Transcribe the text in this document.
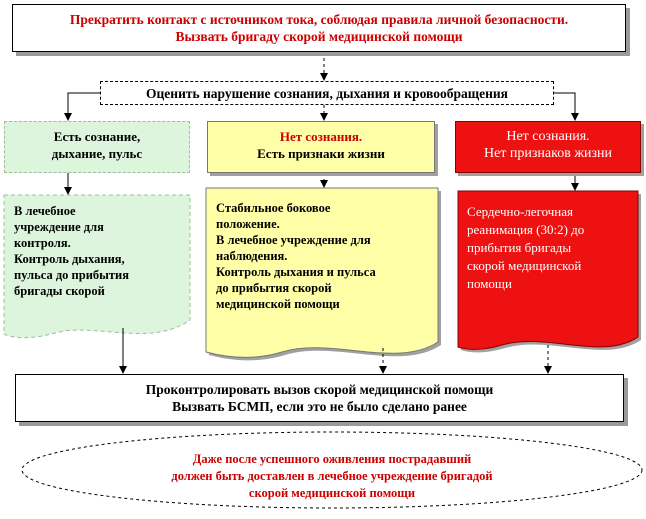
Прекратить контакт с источником тока, соблюдая правила личной безопасности.
Вызвать бригаду скорой медицинской помощи
Оценить нарушение сознания, дыхания и кровообращения
Есть сознание,
дыхание, пульс
Нет сознания.
Есть признаки жизни
Нет сознания.
Нет признаков жизни
В лечебное
учреждение для
контроля.
Контроль дыхания,
пульса до прибытия
бригады скорой
Стабильное боковое
положение.
В лечебное учреждение для
наблюдения.
Контроль дыхания и пульса
до прибытия скорой
медицинской помощи
Сердечно-легочная
реанимация (30:2) до
прибытия бригады
скорой медицинской
помощи
Проконтролировать вызов скорой медицинской помощи
Вызвать БСМП, если это не было сделано ранее
Даже после успешного оживления пострадавший
должен быть доставлен в лечебное учреждение бригадой
скорой медицинской помощи
